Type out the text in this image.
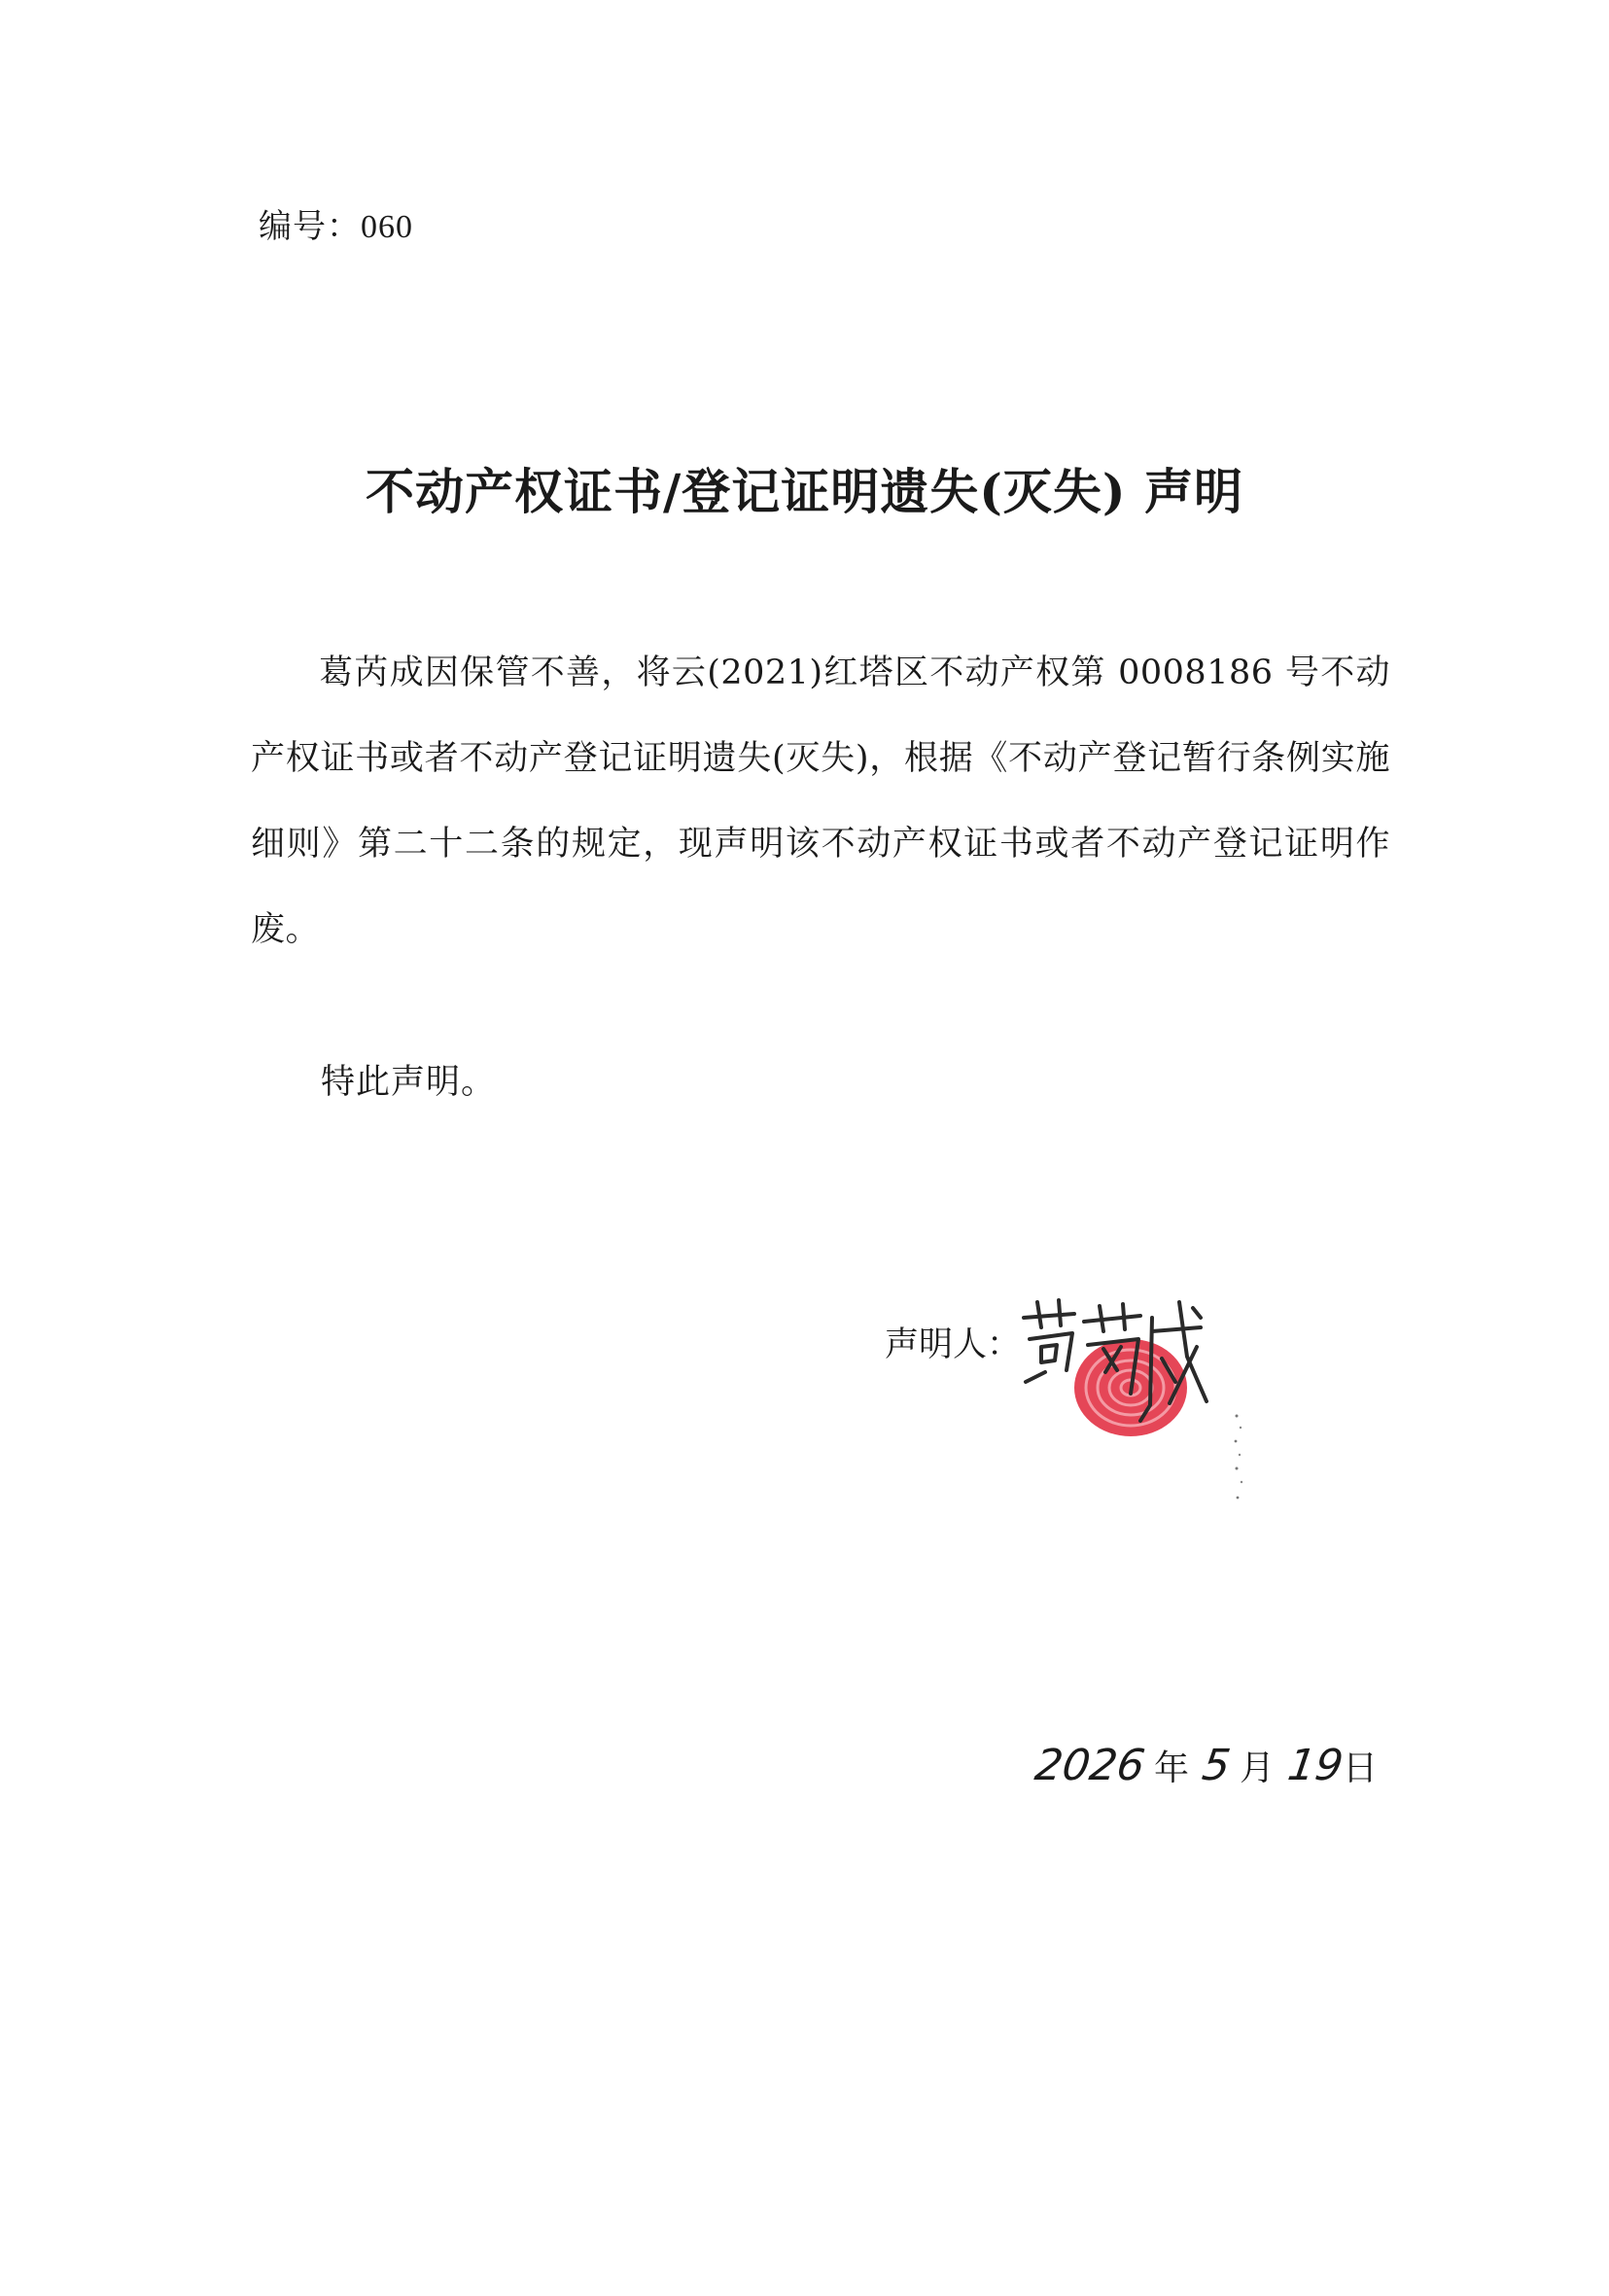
编号：060
不动产权证书/登记证明遗失(灭失) 声明
葛芮成因保管不善，将云(2021)红塔区不动产权第 0008186 号不动产权证书或者不动产登记证明遗失(灭失)，根据《不动产登记暂行条例实施细则》第二十二条的规定，现声明该不动产权证书或者不动产登记证明作废。
特此声明。
声明人：
2026 年 5 月 19日
